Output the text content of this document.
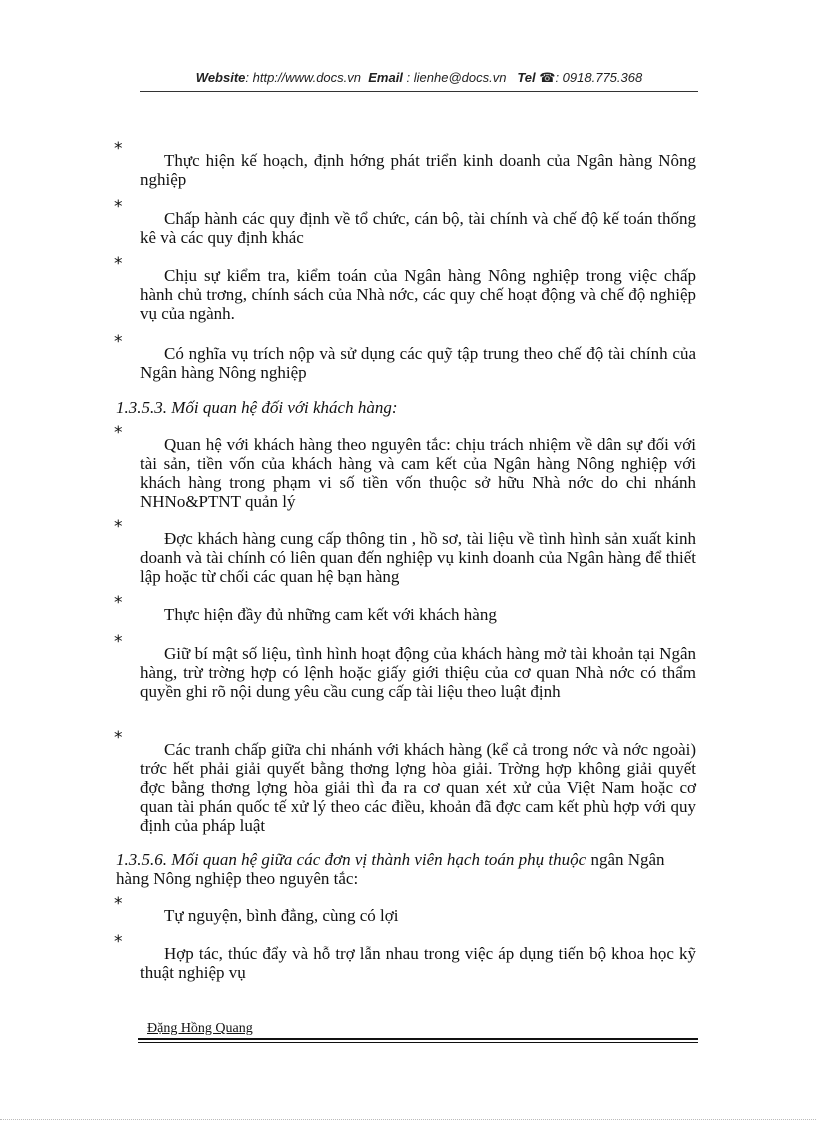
Website: http://www.docs.vn Email : lienhe@docs.vn Tel ☎: 0918.775.368
*

Thực hiện kế hoạch, định hớng phát triển kinh doanh của Ngân hàng Nông nghiệp

*

Chấp hành các quy định về tổ chức, cán bộ, tài chính và chế độ kế toán thống kê và các quy định khác

*

Chịu sự kiểm tra, kiểm toán của Ngân hàng Nông nghiệp trong việc chấp hành chủ trơng, chính sách của Nhà nớc, các quy chế hoạt động và chế độ nghiệp vụ của ngành.

*

Có nghĩa vụ trích nộp và sử dụng các quỹ tập trung theo chế độ tài chính của Ngân hàng Nông nghiệp

1.3.5.3. Mối quan hệ đối với khách hàng:
*

Quan hệ với khách hàng theo nguyên tắc: chịu trách nhiệm về dân sự đối với tài sản, tiền vốn của khách hàng và cam kết của Ngân hàng Nông nghiệp với khách hàng trong phạm vi số tiền vốn thuộc sở hữu Nhà nớc do chi nhánh NHNo&PTNT quản lý

*

Đợc khách hàng cung cấp thông tin , hồ sơ, tài liệu về tình hình sản xuất kinh doanh và tài chính có liên quan đến nghiệp vụ kinh doanh của Ngân hàng để thiết lập hoặc từ chối các quan hệ bạn hàng

*

Thực hiện đầy đủ những cam kết với khách hàng

*

Giữ bí mật số liệu, tình hình hoạt động của khách hàng mở tài khoản tại Ngân hàng, trừ trờng hợp có lệnh hoặc giấy giới thiệu của cơ quan Nhà nớc có thẩm quyền ghi rõ nội dung yêu cầu cung cấp tài liệu theo luật định

*

Các tranh chấp giữa chi nhánh với khách hàng (kể cả trong nớc và nớc ngoài) trớc hết phải giải quyết bằng thơng lợng hòa giải. Trờng hợp không giải quyết đợc bằng thơng lợng hòa giải thì đa ra cơ quan xét xử của Việt Nam hoặc cơ quan tài phán quốc tế xử lý theo các điều, khoản đã đợc cam kết phù hợp với quy định của pháp luật

1.3.5.6. Mối quan hệ giữa các đơn vị thành viên hạch toán phụ thuộc ngân Ngân hàng Nông nghiệp theo nguyên tắc:
*

Tự nguyện, bình đẳng, cùng có lợi

*

Hợp tác, thúc đẩy và hỗ trợ lẫn nhau trong việc áp dụng tiến bộ khoa học kỹ thuật nghiệp vụ

Đặng Hồng Quang
